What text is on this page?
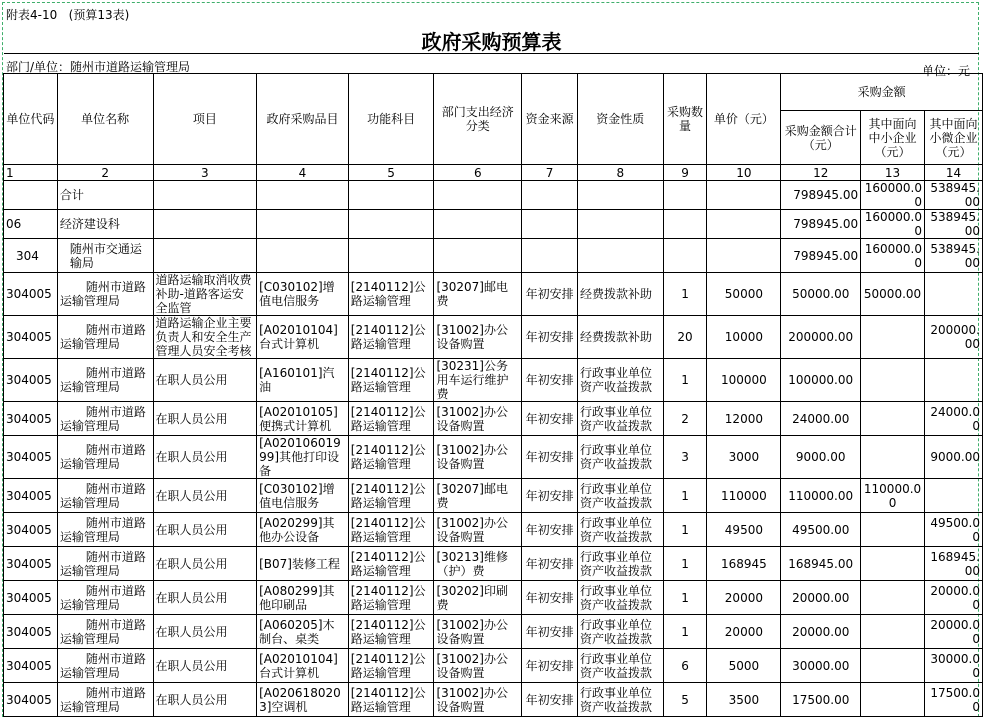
附表4-10   (预算13表)
政府采购预算表
部门/单位：随州市道路运输管理局	单位：元
单位代码	单位名称	项目	政府采购品目	功能科目	部门支出经济分类	资金来源	资金性质	采购数量	单价（元）	采购金额		
										采购金额合计（元）	其中面向中小企业（元）	其中面向小微企业（元）

1	2	3	4	5	6	7	8	9	10	12	13	14

	合计									798945.00	160000.00	538945.00

06	经济建设科									798945.00	160000.00	538945.00

304	随州市交通运输局									798945.00	160000.00	538945.00

304005	随州市道路运输管理局	道路运输取消收费补助-道路客运安全监管	[C030102]增值电信服务	[2140112]公路运输管理	[30207]邮电费	年初安排	经费拨款补助	1	50000	50000.00	50000.00	

304005	随州市道路运输管理局	道路运输企业主要负责人和安全生产管理人员安全考核	[A02010104]台式计算机	[2140112]公路运输管理	[31002]办公设备购置	年初安排	经费拨款补助	20	10000	200000.00		200000.00

304005	随州市道路运输管理局	在职人员公用	[A160101]汽油	[2140112]公路运输管理	[30231]公务用车运行维护费	年初安排	行政事业单位资产收益拨款	1	100000	100000.00		

304005	随州市道路运输管理局	在职人员公用	[A02010105]便携式计算机	[2140112]公路运输管理	[31002]办公设备购置	年初安排	行政事业单位资产收益拨款	2	12000	24000.00		24000.00

304005	随州市道路运输管理局	在职人员公用	[A02010601999]其他打印设备	[2140112]公路运输管理	[31002]办公设备购置	年初安排	行政事业单位资产收益拨款	3	3000	9000.00		9000.00

304005	随州市道路运输管理局	在职人员公用	[C030102]增值电信服务	[2140112]公路运输管理	[30207]邮电费	年初安排	行政事业单位资产收益拨款	1	110000	110000.00	110000.00	

304005	随州市道路运输管理局	在职人员公用	[A020299]其他办公设备	[2140112]公路运输管理	[31002]办公设备购置	年初安排	行政事业单位资产收益拨款	1	49500	49500.00		49500.00

304005	随州市道路运输管理局	在职人员公用	[B07]装修工程	[2140112]公路运输管理	[30213]维修（护）费	年初安排	行政事业单位资产收益拨款	1	168945	168945.00		168945.00

304005	随州市道路运输管理局	在职人员公用	[A080299]其他印刷品	[2140112]公路运输管理	[30202]印刷费	年初安排	行政事业单位资产收益拨款	1	20000	20000.00		20000.00

304005	随州市道路运输管理局	在职人员公用	[A060205]木制台、桌类	[2140112]公路运输管理	[31002]办公设备购置	年初安排	行政事业单位资产收益拨款	1	20000	20000.00		20000.00

304005	随州市道路运输管理局	在职人员公用	[A02010104]台式计算机	[2140112]公路运输管理	[31002]办公设备购置	年初安排	行政事业单位资产收益拨款	6	5000	30000.00		30000.00

304005	随州市道路运输管理局	在职人员公用	[A0206180203]空调机	[2140112]公路运输管理	[31002]办公设备购置	年初安排	行政事业单位资产收益拨款	5	3500	17500.00		17500.00
